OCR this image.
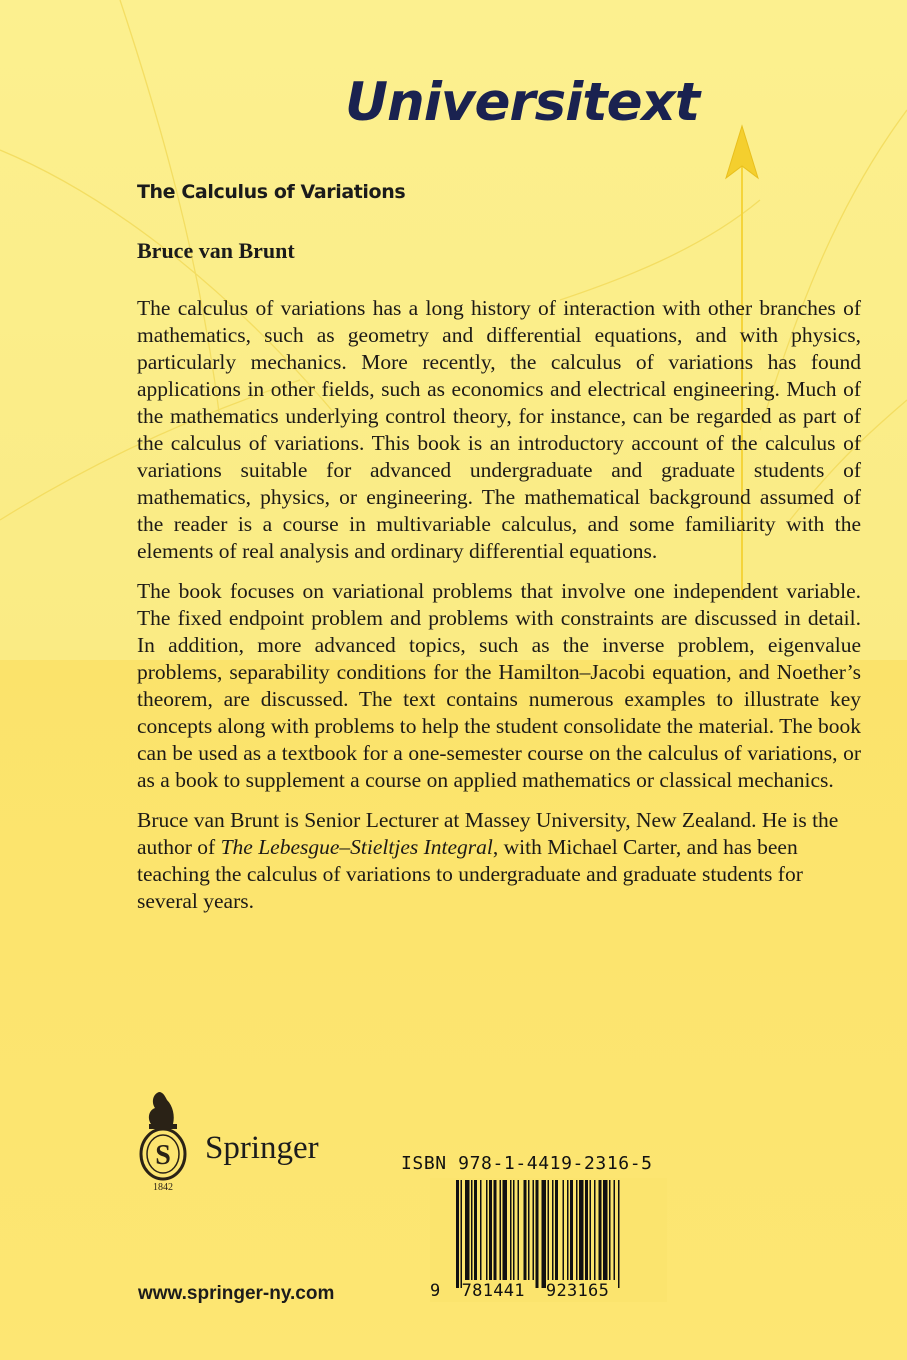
Universitext
The Calculus of Variations
Bruce van Brunt

The calculus of variations has a long history of interaction with other branches of mathematics, such as geometry and differential equations, and with physics, particularly mechanics. More recently, the calculus of variations has found applications in other fields, such as economics and electrical engineering. Much of the mathematics underlying control theory, for instance, can be regarded as part of the calculus of variations. This book is an introductory account of the calculus of variations suitable for advanced undergraduate and graduate students of mathematics, physics, or engineering. The mathematical background assumed of the reader is a course in multivariable calculus, and some familiarity with the elements of real analysis and ordinary differential equations.

The book focuses on variational problems that involve one independent variable. The fixed endpoint problem and problems with constraints are discussed in detail. In addition, more advanced topics, such as the inverse problem, eigenvalue problems, separability conditions for the Hamilton–Jacobi equation, and Noether’s theorem, are discussed. The text contains numerous examples to illustrate key concepts along with problems to help the student consolidate the material. The book can be used as a textbook for a one-semester course on the calculus of variations, or as a book to supplement a course on applied mathematics or classical mechanics.

Bruce van Brunt is Senior Lecturer at Massey University, New Zealand. He is the author of The Lebesgue–Stieltjes Integral, with Michael Carter, and has been teaching the calculus of variations to undergraduate and graduate students for several years.

S
1842

Springer

www.springer-ny.com

ISBN 978-1-4419-2316-5

9 781441 923165
